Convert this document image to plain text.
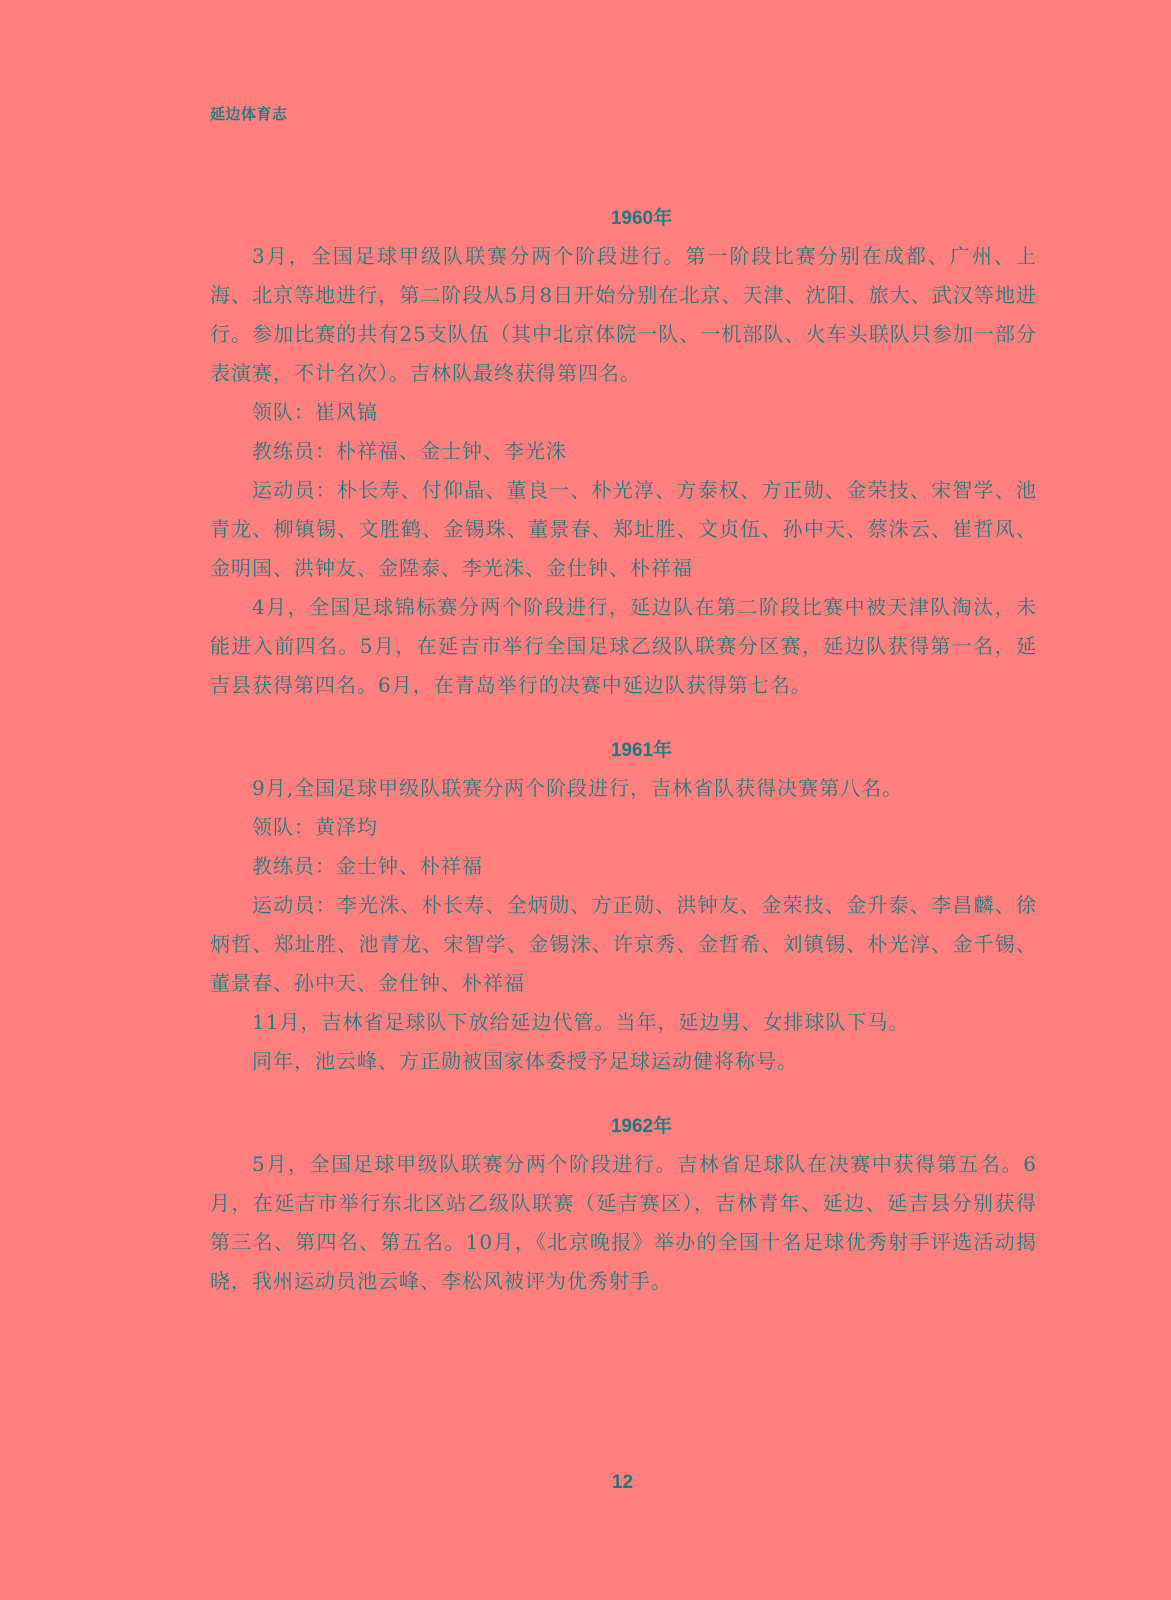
延边体育志
1960年

3月，全国足球甲级队联赛分两个阶段进行。第一阶段比赛分别在成都、广州、上海、北京等地进行，第二阶段从5月8日开始分别在北京、天津、沈阳、旅大、武汉等地进行。参加比赛的共有25支队伍（其中北京体院一队、一机部队、火车头联队只参加一部分表演赛，不计名次）。吉林队最终获得第四名。

领队：崔风镐

教练员：朴祥福、金士钟、李光洙

运动员：朴长寿、付仰晶、董良一、朴光淳、方泰权、方正勋、金荣技、宋智学、池青龙、柳镇锡、文胜鹤、金锡珠、董景春、郑址胜、文贞伍、孙中天、蔡洙云、崔哲风、金明国、洪钟友、金陞泰、李光洙、金仕钟、朴祥福

4月，全国足球锦标赛分两个阶段进行，延边队在第二阶段比赛中被天津队淘汰，未能进入前四名。5月，在延吉市举行全国足球乙级队联赛分区赛，延边队获得第一名，延吉县获得第四名。6月，在青岛举行的决赛中延边队获得第七名。

1961年

9月,全国足球甲级队联赛分两个阶段进行，吉林省队获得决赛第八名。

领队：黄泽均

教练员：金士钟、朴祥福

运动员：李光洙、朴长寿、全炳勋、方正勋、洪钟友、金荣技、金升泰、李昌麟、徐炳哲、郑址胜、池青龙、宋智学、金锡洙、许京秀、金哲希、刘镇锡、朴光淳、金千锡、董景春、孙中天、金仕钟、朴祥福

11月，吉林省足球队下放给延边代管。当年，延边男、女排球队下马。

同年，池云峰、方正勋被国家体委授予足球运动健将称号。

1962年

5月，全国足球甲级队联赛分两个阶段进行。吉林省足球队在决赛中获得第五名。6月，在延吉市举行东北区站乙级队联赛（延吉赛区），吉林青年、延边、延吉县分别获得第三名、第四名、第五名。10月，《北京晚报》举办的全国十名足球优秀射手评选活动揭晓，我州运动员池云峰、李松风被评为优秀射手。

12
